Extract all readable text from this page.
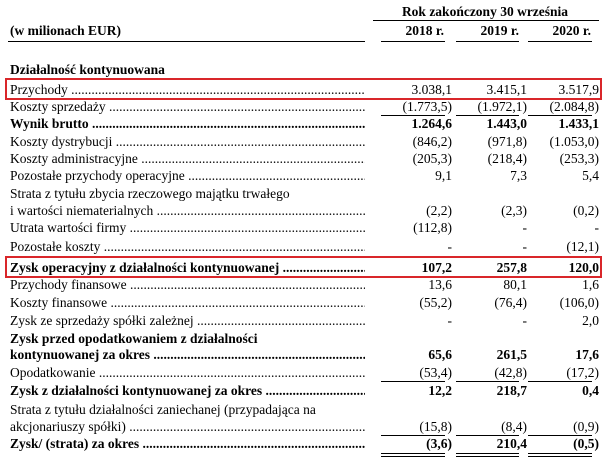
Rok zakończony 30 września
(w milionach EUR)	2018 r.	2019 r.	2020 r.
Działalność kontynuowana
Przychody .....	3.038,1	3.415,1	3.517,9
Koszty sprzedaży .....	(1.773,5)	(1.972,1)	(2.084,8)
Wynik brutto .....	1.264,6	1.443,0	1.433,1
Koszty dystrybucji .....	(846,2)	(971,8)	(1.053,0)
Koszty administracyjne .....	(205,3)	(218,4)	(253,3)
Pozostałe przychody operacyjne .....	9,1	7,3	5,4
Strata z tytułu zbycia rzeczowego majątku trwałego
i wartości niematerialnych .....	(2,2)	(2,3)	(0,2)
Utrata wartości firmy .....	(112,8)	-	-
Pozostałe koszty .....	-	-	(12,1)
Zysk operacyjny z działalności kontynuowanej .....	107,2	257,8	120,0
Przychody finansowe .....	13,6	80,1	1,6
Koszty finansowe .....	(55,2)	(76,4)	(106,0)
Zysk ze sprzedaży spółki zależnej .....	-	-	2,0
Zysk przed opodatkowaniem z działalności
kontynuowanej za okres .....	65,6	261,5	17,6
Opodatkowanie .....	(53,4)	(42,8)	(17,2)
Zysk z działalności kontynuowanej za okres .....	12,2	218,7	0,4
Strata z tytułu działalności zaniechanej (przypadająca na
akcjonariuszy spółki) .....	(15,8)	(8,4)	(0,9)
Zysk/ (strata) za okres .....	(3,6)	210,4	(0,5)
